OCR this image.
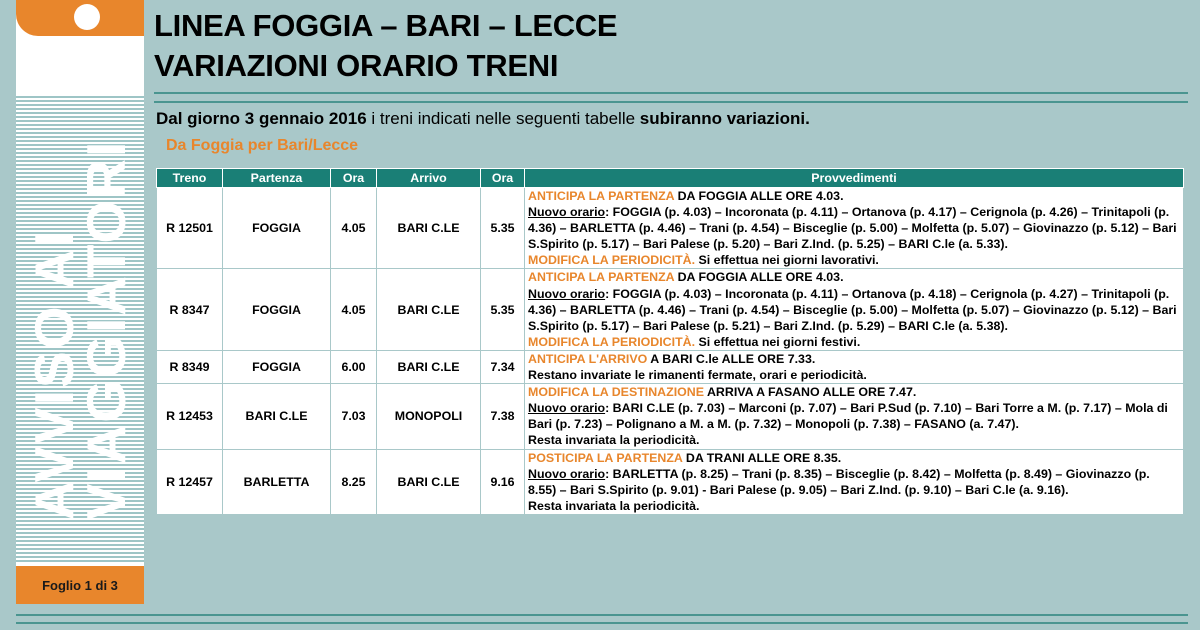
AVVISO AI
VIAGGIATORI
Foglio 1 di 3
LINEA FOGGIA – BARI – LECCE
VARIAZIONI ORARIO TRENI
Dal giorno 3 gennaio 2016 i treni indicati nelle seguenti tabelle subiranno variazioni.
Da Foggia per Bari/Lecce
Treno	Partenza	Ora	Arrivo	Ora	Provvedimenti
R 12501	FOGGIA	4.05	BARI C.LE	5.35	ANTICIPA LA PARTENZA DA FOGGIA ALLE ORE 4.03.
Nuovo orario: FOGGIA (p. 4.03) – Incoronata (p. 4.11) – Ortanova (p. 4.17) – Cerignola (p. 4.26) – Trinitapoli (p. 4.36) – BARLETTA (p. 4.46) – Trani (p. 4.54) – Bisceglie (p. 5.00) – Molfetta (p. 5.07) – Giovinazzo (p. 5.12) – Bari S.Spirito (p. 5.17) – Bari Palese (p. 5.20) – Bari Z.Ind. (p. 5.25) – BARI C.le (a. 5.33).
MODIFICA LA PERIODICITÀ. Si effettua nei giorni lavorativi.

R 8347	FOGGIA	4.05	BARI C.LE	5.35	ANTICIPA LA PARTENZA DA FOGGIA ALLE ORE 4.03.
Nuovo orario: FOGGIA (p. 4.03) – Incoronata (p. 4.11) – Ortanova (p. 4.18) – Cerignola (p. 4.27) – Trinitapoli (p. 4.36) – BARLETTA (p. 4.46) – Trani (p. 4.54) – Bisceglie (p. 5.00) – Molfetta (p. 5.07) – Giovinazzo (p. 5.12) – Bari S.Spirito (p. 5.17) – Bari Palese (p. 5.21) – Bari Z.Ind. (p. 5.29) – BARI C.le (a. 5.38).
MODIFICA LA PERIODICITÀ. Si effettua nei giorni festivi.

R 8349	FOGGIA	6.00	BARI C.LE	7.34	ANTICIPA L'ARRIVO A BARI C.le ALLE ORE 7.33.
Restano invariate le rimanenti fermate, orari e periodicità.

R 12453	BARI C.LE	7.03	MONOPOLI	7.38	MODIFICA LA DESTINAZIONE ARRIVA A FASANO ALLE ORE 7.47.
Nuovo orario: BARI C.LE (p. 7.03) – Marconi (p. 7.07) – Bari P.Sud (p. 7.10) – Bari Torre a M. (p. 7.17) – Mola di Bari (p. 7.23) – Polignano a M. a M. (p. 7.32) – Monopoli (p. 7.38) – FASANO (a. 7.47).
Resta invariata la periodicità.

R 12457	BARLETTA	8.25	BARI C.LE	9.16	POSTICIPA LA PARTENZA DA TRANI ALLE ORE 8.35.
Nuovo orario: BARLETTA (p. 8.25) – Trani (p. 8.35) – Bisceglie (p. 8.42) – Molfetta (p. 8.49) – Giovinazzo (p. 8.55) – Bari S.Spirito (p. 9.01) - Bari Palese (p. 9.05) – Bari Z.Ind. (p. 9.10) – Bari C.le (a. 9.16).
Resta invariata la periodicità.
